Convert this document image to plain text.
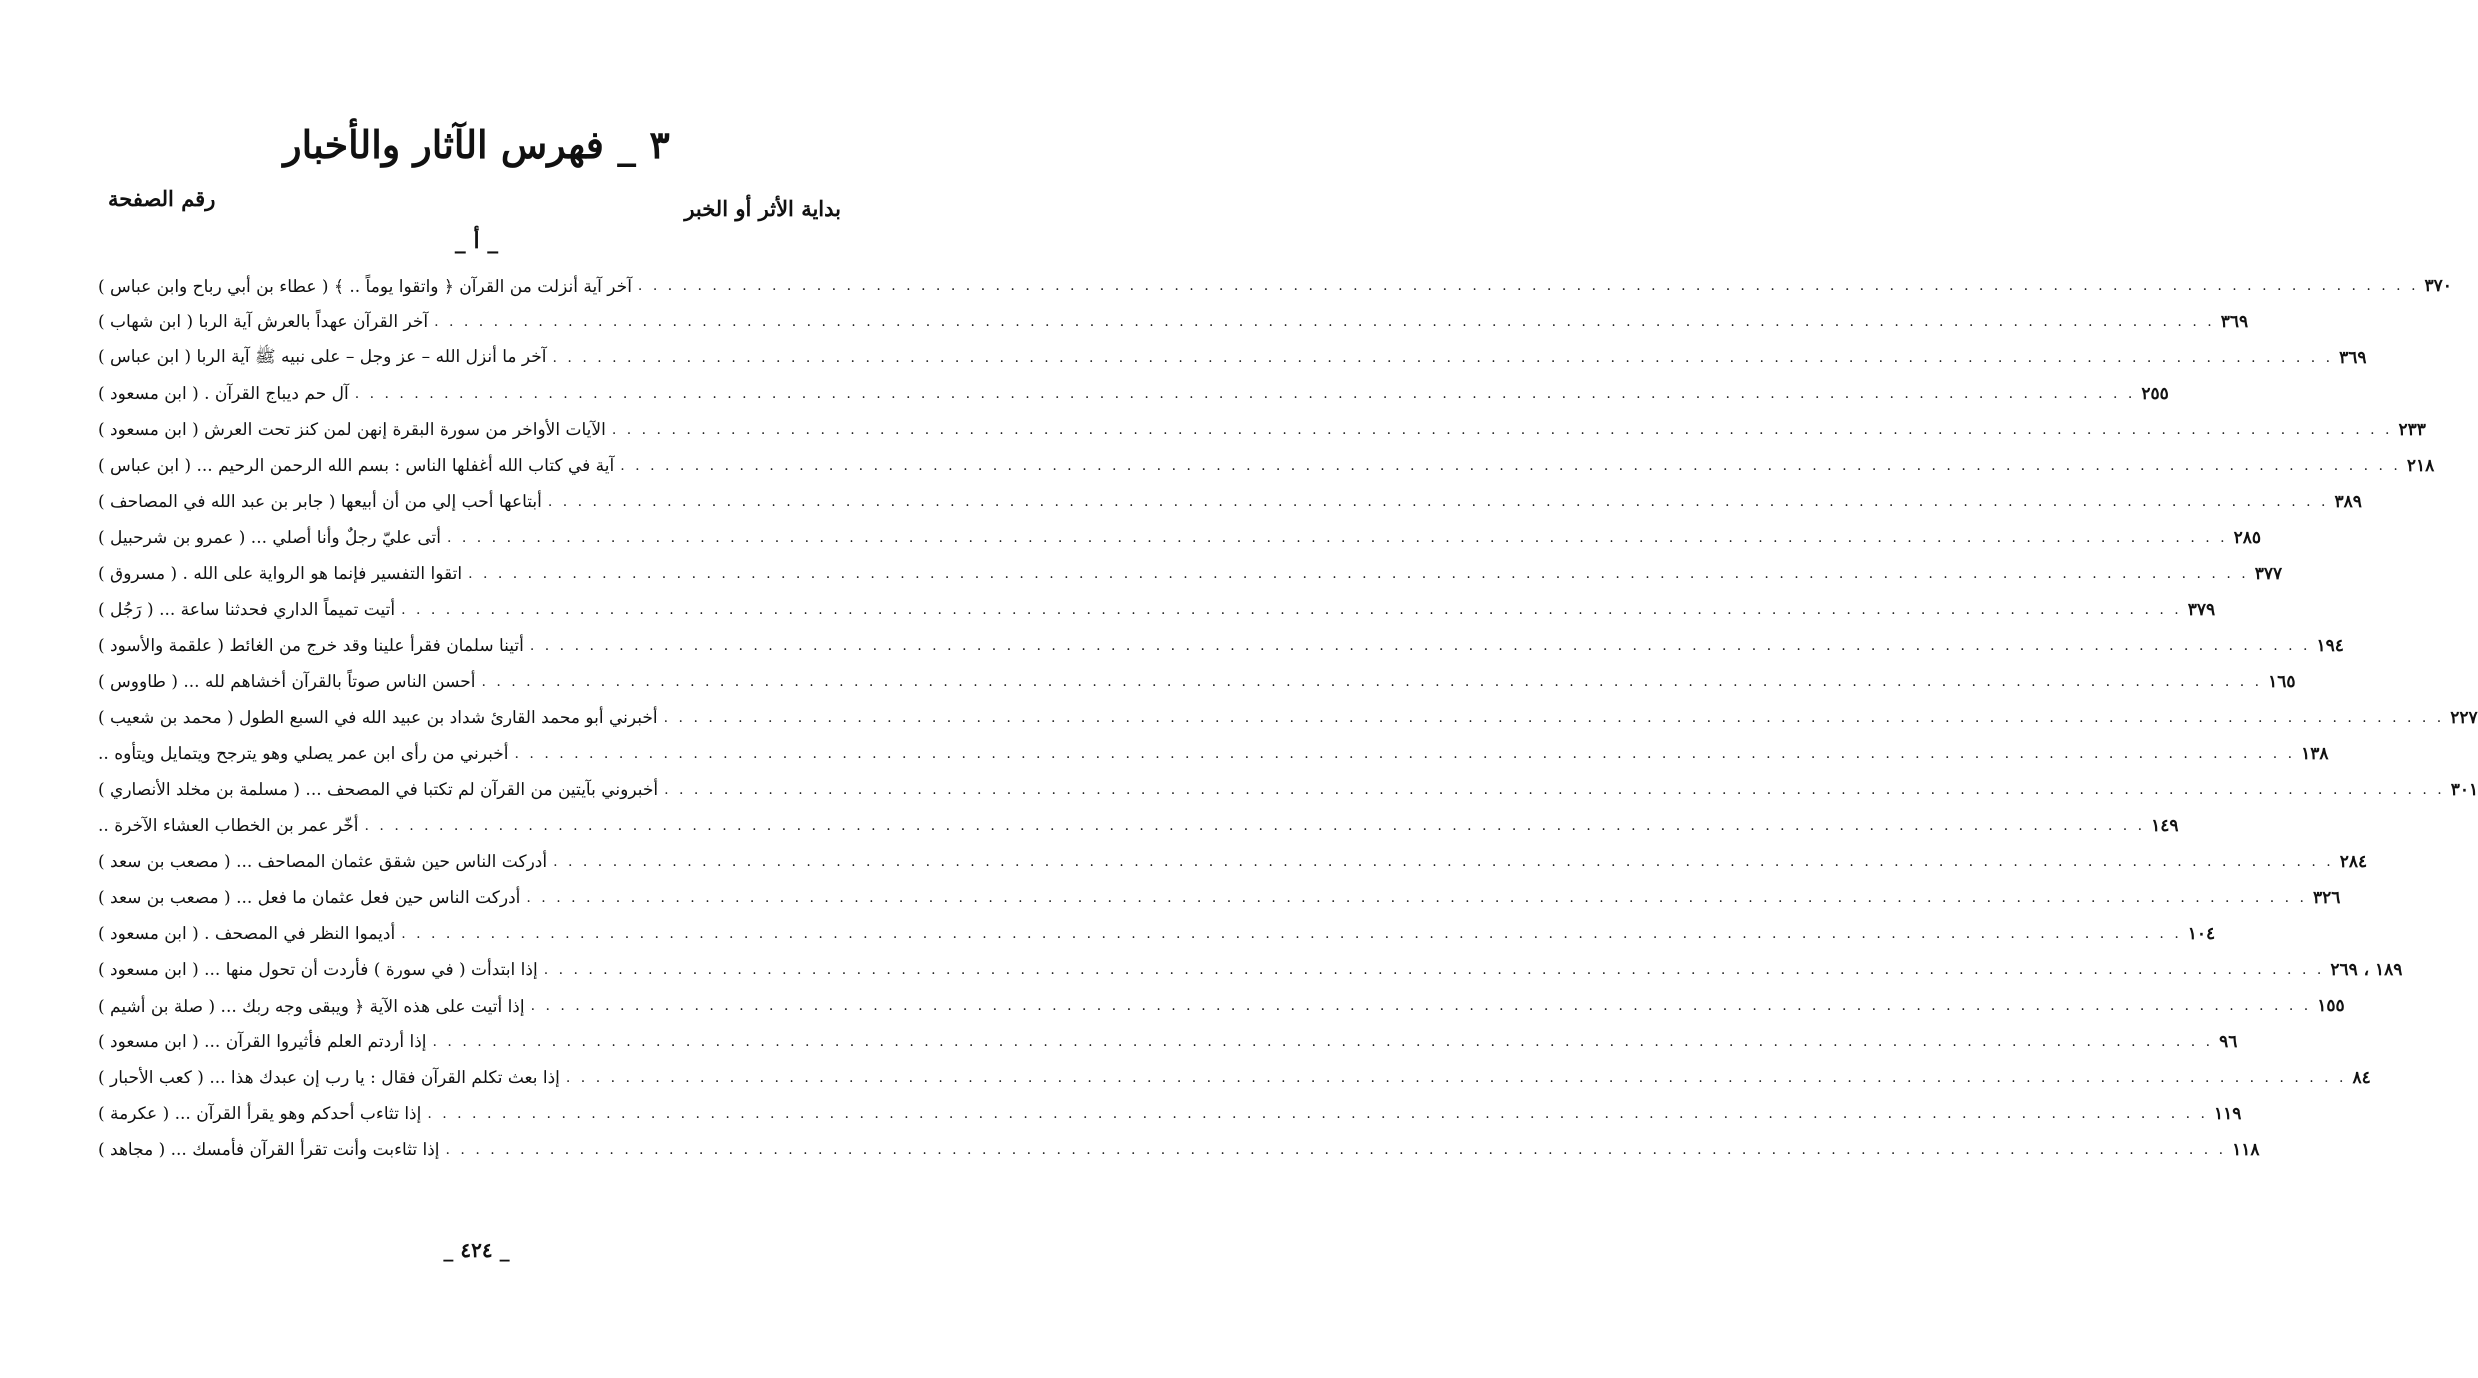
٣ _ فهرس الآثار والأخبار
بداية الأثر أو الخبر
رقم الصفحة
_ أ _
آخر آية أنزلت من القرآن ﴿ واتقوا يوماً .. ﴾ ( عطاء بن أبي رباح وابن عباس ) . . . . . . . . . . . . . . . . . . . . . . . . . . . . . . . . . . . . . . . . . . . . . . . . . . . . . . . . . . . . . . . . . . . . . . . . . . . . . . . . . . . . . . . . . . . . . . . . . . . . . . . . . . . . . . . . . . . . . . . . ٣٧٠
آخر القرآن عهداً بالعرش آية الربا ( ابن شهاب ) . . . . . . . . . . . . . . . . . . . . . . . . . . . . . . . . . . . . . . . . . . . . . . . . . . . . . . . . . . . . . . . . . . . . . . . . . . . . . . . . . . . . . . . . . . . . . . . . . . . . . . . . . . . . . . . . . . . . . . . . ٣٦٩
آخر ما أنزل الله – عز وجل – على نبيه ﷺ آية الربا ( ابن عباس ) . . . . . . . . . . . . . . . . . . . . . . . . . . . . . . . . . . . . . . . . . . . . . . . . . . . . . . . . . . . . . . . . . . . . . . . . . . . . . . . . . . . . . . . . . . . . . . . . . . . . . . . . . . . . . . . . . . . . . . . . ٣٦٩
آل حم ديباج القرآن . ( ابن مسعود ) . . . . . . . . . . . . . . . . . . . . . . . . . . . . . . . . . . . . . . . . . . . . . . . . . . . . . . . . . . . . . . . . . . . . . . . . . . . . . . . . . . . . . . . . . . . . . . . . . . . . . . . . . . . . . . . . . . . . . . . . ٢٥٥
الآيات الأواخر من سورة البقرة إنهن لمن كنز تحت العرش ( ابن مسعود ) . . . . . . . . . . . . . . . . . . . . . . . . . . . . . . . . . . . . . . . . . . . . . . . . . . . . . . . . . . . . . . . . . . . . . . . . . . . . . . . . . . . . . . . . . . . . . . . . . . . . . . . . . . . . . . . . . . . . . . . . ٢٣٣
آية في كتاب الله أغفلها الناس : بسم الله الرحمن الرحيم ... ( ابن عباس ) . . . . . . . . . . . . . . . . . . . . . . . . . . . . . . . . . . . . . . . . . . . . . . . . . . . . . . . . . . . . . . . . . . . . . . . . . . . . . . . . . . . . . . . . . . . . . . . . . . . . . . . . . . . . . . . . . . . . . . . . ٢١٨
أبتاعها أحب إلي من أن أبيعها ( جابر بن عبد الله في المصاحف ) . . . . . . . . . . . . . . . . . . . . . . . . . . . . . . . . . . . . . . . . . . . . . . . . . . . . . . . . . . . . . . . . . . . . . . . . . . . . . . . . . . . . . . . . . . . . . . . . . . . . . . . . . . . . . . . . . . . . . . . . ٣٨٩
أتى عليّ رجلٌ وأنا أصلي ... ( عمرو بن شرحبيل ) . . . . . . . . . . . . . . . . . . . . . . . . . . . . . . . . . . . . . . . . . . . . . . . . . . . . . . . . . . . . . . . . . . . . . . . . . . . . . . . . . . . . . . . . . . . . . . . . . . . . . . . . . . . . . . . . . . . . . . . . ٢٨٥
اتقوا التفسير فإنما هو الرواية على الله . ( مسروق ) . . . . . . . . . . . . . . . . . . . . . . . . . . . . . . . . . . . . . . . . . . . . . . . . . . . . . . . . . . . . . . . . . . . . . . . . . . . . . . . . . . . . . . . . . . . . . . . . . . . . . . . . . . . . . . . . . . . . . . . . ٣٧٧
أتيت تميماً الداري فحدثنا ساعة ... ( رَجُل ) . . . . . . . . . . . . . . . . . . . . . . . . . . . . . . . . . . . . . . . . . . . . . . . . . . . . . . . . . . . . . . . . . . . . . . . . . . . . . . . . . . . . . . . . . . . . . . . . . . . . . . . . . . . . . . . . . . . . . . . . ٣٧٩
أتينا سلمان فقرأ علينا وقد خرج من الغائط ( علقمة والأسود ) . . . . . . . . . . . . . . . . . . . . . . . . . . . . . . . . . . . . . . . . . . . . . . . . . . . . . . . . . . . . . . . . . . . . . . . . . . . . . . . . . . . . . . . . . . . . . . . . . . . . . . . . . . . . . . . . . . . . . . . . ١٩٤
أحسن الناس صوتاً بالقرآن أخشاهم لله ... ( طاووس ) . . . . . . . . . . . . . . . . . . . . . . . . . . . . . . . . . . . . . . . . . . . . . . . . . . . . . . . . . . . . . . . . . . . . . . . . . . . . . . . . . . . . . . . . . . . . . . . . . . . . . . . . . . . . . . . . . . . . . . . . ١٦٥
أخبرني أبو محمد القارئ شداد بن عبيد الله في السبع الطول ( محمد بن شعيب ) . . . . . . . . . . . . . . . . . . . . . . . . . . . . . . . . . . . . . . . . . . . . . . . . . . . . . . . . . . . . . . . . . . . . . . . . . . . . . . . . . . . . . . . . . . . . . . . . . . . . . . . . . . . . . . . . . . . . . . . . ٢٢٧
أخبرني من رأى ابن عمر يصلي وهو يترجح ويتمايل ويتأوه .. . . . . . . . . . . . . . . . . . . . . . . . . . . . . . . . . . . . . . . . . . . . . . . . . . . . . . . . . . . . . . . . . . . . . . . . . . . . . . . . . . . . . . . . . . . . . . . . . . . . . . . . . . . . . . . . . . . . . . . . . ١٣٨
أخبروني بآيتين من القرآن لم تكتبا في المصحف ... ( مسلمة بن مخلد الأنصاري ) . . . . . . . . . . . . . . . . . . . . . . . . . . . . . . . . . . . . . . . . . . . . . . . . . . . . . . . . . . . . . . . . . . . . . . . . . . . . . . . . . . . . . . . . . . . . . . . . . . . . . . . . . . . . . . . . . . . . . . . . ٣٠١
أخّر عمر بن الخطاب العشاء الآخرة .. . . . . . . . . . . . . . . . . . . . . . . . . . . . . . . . . . . . . . . . . . . . . . . . . . . . . . . . . . . . . . . . . . . . . . . . . . . . . . . . . . . . . . . . . . . . . . . . . . . . . . . . . . . . . . . . . . . . . . . . . ١٤٩
أدركت الناس حين شقق عثمان المصاحف ... ( مصعب بن سعد ) . . . . . . . . . . . . . . . . . . . . . . . . . . . . . . . . . . . . . . . . . . . . . . . . . . . . . . . . . . . . . . . . . . . . . . . . . . . . . . . . . . . . . . . . . . . . . . . . . . . . . . . . . . . . . . . . . . . . . . . . ٢٨٤
أدركت الناس حين فعل عثمان ما فعل ... ( مصعب بن سعد ) . . . . . . . . . . . . . . . . . . . . . . . . . . . . . . . . . . . . . . . . . . . . . . . . . . . . . . . . . . . . . . . . . . . . . . . . . . . . . . . . . . . . . . . . . . . . . . . . . . . . . . . . . . . . . . . . . . . . . . . . ٣٢٦
أديموا النظر في المصحف . ( ابن مسعود ) . . . . . . . . . . . . . . . . . . . . . . . . . . . . . . . . . . . . . . . . . . . . . . . . . . . . . . . . . . . . . . . . . . . . . . . . . . . . . . . . . . . . . . . . . . . . . . . . . . . . . . . . . . . . . . . . . . . . . . . . ١٠٤
إذا ابتدأت ( في سورة ) فأردت أن تحول منها ... ( ابن مسعود ) . . . . . . . . . . . . . . . . . . . . . . . . . . . . . . . . . . . . . . . . . . . . . . . . . . . . . . . . . . . . . . . . . . . . . . . . . . . . . . . . . . . . . . . . . . . . . . . . . . . . . . . . . . . . . . . . . . . . . . . . ١٨٩ ، ٢٦٩
إذا أتيت على هذه الآية ﴿ ويبقى وجه ربك ... ( صلة بن أشيم ) . . . . . . . . . . . . . . . . . . . . . . . . . . . . . . . . . . . . . . . . . . . . . . . . . . . . . . . . . . . . . . . . . . . . . . . . . . . . . . . . . . . . . . . . . . . . . . . . . . . . . . . . . . . . . . . . . . . . . . . . ١٥٥
إذا أردتم العلم فأثيروا القرآن ... ( ابن مسعود ) . . . . . . . . . . . . . . . . . . . . . . . . . . . . . . . . . . . . . . . . . . . . . . . . . . . . . . . . . . . . . . . . . . . . . . . . . . . . . . . . . . . . . . . . . . . . . . . . . . . . . . . . . . . . . . . . . . . . . . . . ٩٦
إذا بعث تكلم القرآن فقال : يا رب إن عبدك هذا ... ( كعب الأحبار ) . . . . . . . . . . . . . . . . . . . . . . . . . . . . . . . . . . . . . . . . . . . . . . . . . . . . . . . . . . . . . . . . . . . . . . . . . . . . . . . . . . . . . . . . . . . . . . . . . . . . . . . . . . . . . . . . . . . . . . . . ٨٤
إذا تثاءب أحدكم وهو يقرأ القرآن ... ( عكرمة ) . . . . . . . . . . . . . . . . . . . . . . . . . . . . . . . . . . . . . . . . . . . . . . . . . . . . . . . . . . . . . . . . . . . . . . . . . . . . . . . . . . . . . . . . . . . . . . . . . . . . . . . . . . . . . . . . . . . . . . . . ١١٩
إذا تثاءبت وأنت تقرأ القرآن فأمسك ... ( مجاهد ) . . . . . . . . . . . . . . . . . . . . . . . . . . . . . . . . . . . . . . . . . . . . . . . . . . . . . . . . . . . . . . . . . . . . . . . . . . . . . . . . . . . . . . . . . . . . . . . . . . . . . . . . . . . . . . . . . . . . . . . . ١١٨
_ ٤٢٤ _
